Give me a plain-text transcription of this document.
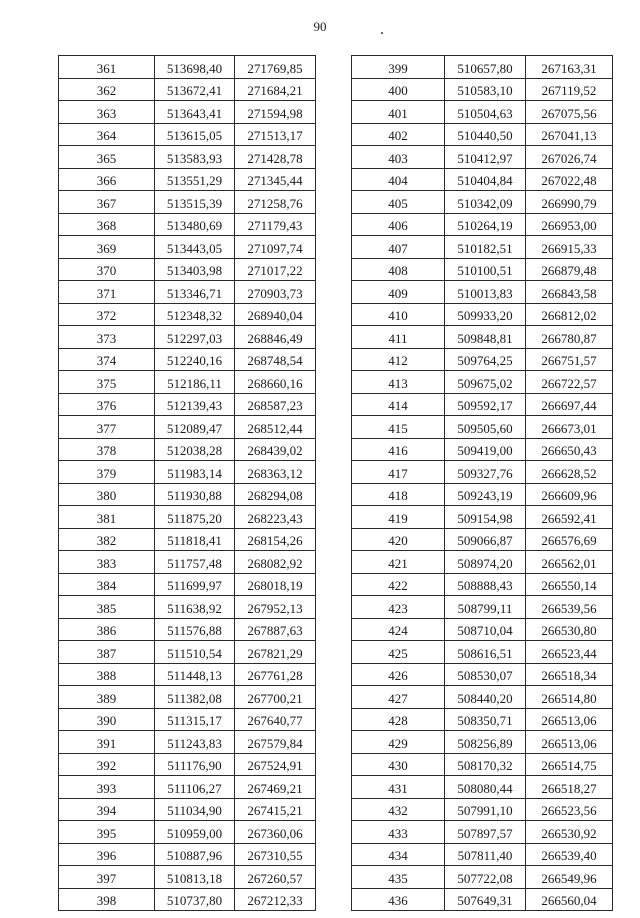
90
361	513698,40	271769,85
362	513672,41	271684,21
363	513643,41	271594,98
364	513615,05	271513,17
365	513583,93	271428,78
366	513551,29	271345,44
367	513515,39	271258,76
368	513480,69	271179,43
369	513443,05	271097,74
370	513403,98	271017,22
371	513346,71	270903,73
372	512348,32	268940,04
373	512297,03	268846,49
374	512240,16	268748,54
375	512186,11	268660,16
376	512139,43	268587,23
377	512089,47	268512,44
378	512038,28	268439,02
379	511983,14	268363,12
380	511930,88	268294,08
381	511875,20	268223,43
382	511818,41	268154,26
383	511757,48	268082,92
384	511699,97	268018,19
385	511638,92	267952,13
386	511576,88	267887,63
387	511510,54	267821,29
388	511448,13	267761,28
389	511382,08	267700,21
390	511315,17	267640,77
391	511243,83	267579,84
392	511176,90	267524,91
393	511106,27	267469,21
394	511034,90	267415,21
395	510959,00	267360,06
396	510887,96	267310,55
397	510813,18	267260,57
398	510737,80	267212,33
399	510657,80	267163,31
400	510583,10	267119,52
401	510504,63	267075,56
402	510440,50	267041,13
403	510412,97	267026,74
404	510404,84	267022,48
405	510342,09	266990,79
406	510264,19	266953,00
407	510182,51	266915,33
408	510100,51	266879,48
409	510013,83	266843,58
410	509933,20	266812,02
411	509848,81	266780,87
412	509764,25	266751,57
413	509675,02	266722,57
414	509592,17	266697,44
415	509505,60	266673,01
416	509419,00	266650,43
417	509327,76	266628,52
418	509243,19	266609,96
419	509154,98	266592,41
420	509066,87	266576,69
421	508974,20	266562,01
422	508888,43	266550,14
423	508799,11	266539,56
424	508710,04	266530,80
425	508616,51	266523,44
426	508530,07	266518,34
427	508440,20	266514,80
428	508350,71	266513,06
429	508256,89	266513,06
430	508170,32	266514,75
431	508080,44	266518,27
432	507991,10	266523,56
433	507897,57	266530,92
434	507811,40	266539,40
435	507722,08	266549,96
436	507649,31	266560,04
